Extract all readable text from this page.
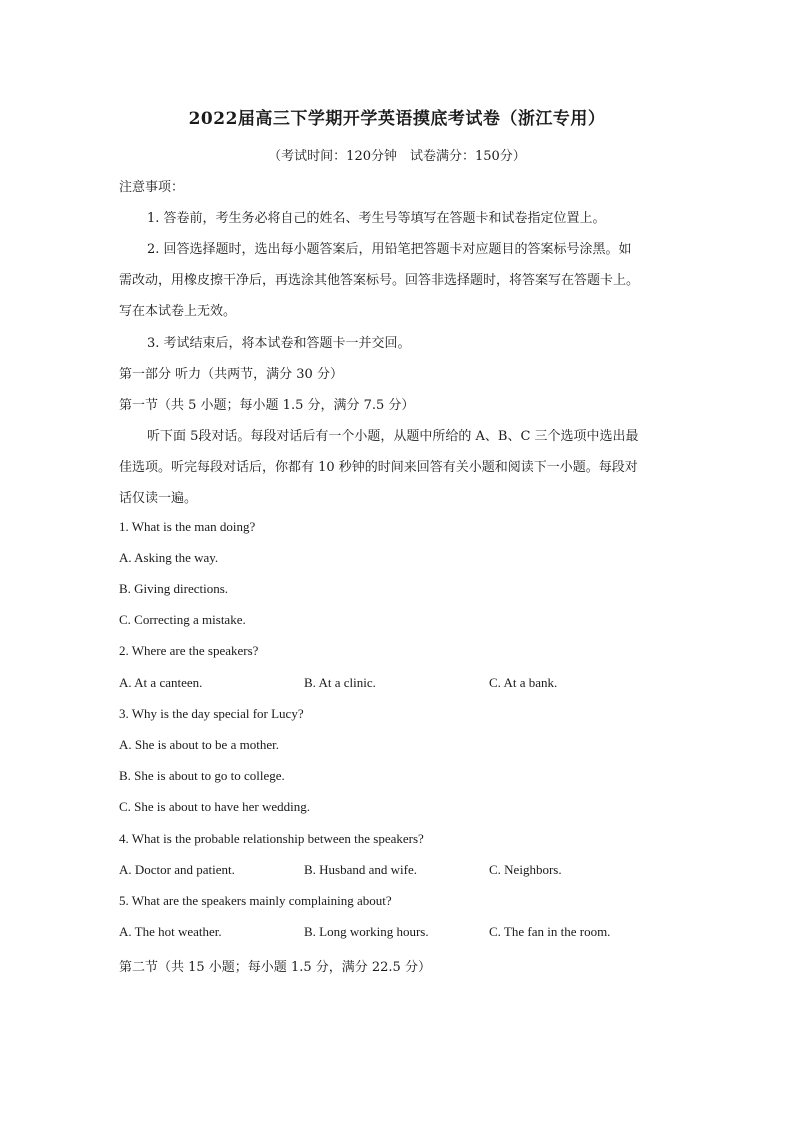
2022届高三下学期开学英语摸底考试卷（浙江专用）
（考试时间：120分钟　试卷满分：150分）
注意事项：
1. 答卷前，考生务必将自己的姓名、考生号等填写在答题卡和试卷指定位置上。
2. 回答选择题时，选出每小题答案后，用铅笔把答题卡对应题目的答案标号涂黑。如
需改动，用橡皮擦干净后，再选涂其他答案标号。回答非选择题时，将答案写在答题卡上。
写在本试卷上无效。
3. 考试结束后，将本试卷和答题卡一并交回。
第一部分 听力（共两节，满分 30 分）
第一节（共 5 小题；每小题 1.5 分，满分 7.5 分）
听下面 5段对话。每段对话后有一个小题，从题中所给的 A、B、C 三个选项中选出最
佳选项。听完每段对话后，你都有 10 秒钟的时间来回答有关小题和阅读下一小题。每段对
话仅读一遍。
1. What is the man doing?
A. Asking the way.
B. Giving directions.
C. Correcting a mistake.
2. Where are the speakers?
A. At a canteen.	B. At a clinic.	C. At a bank.
3. Why is the day special for Lucy?
A. She is about to be a mother.
B. She is about to go to college.
C. She is about to have her wedding.
4. What is the probable relationship between the speakers?
A. Doctor and patient.	B. Husband and wife.	C. Neighbors.
5. What are the speakers mainly complaining about?
A. The hot weather.	B. Long working hours.	C. The fan in the room.
第二节（共 15 小题；每小题 1.5 分，满分 22.5 分）
